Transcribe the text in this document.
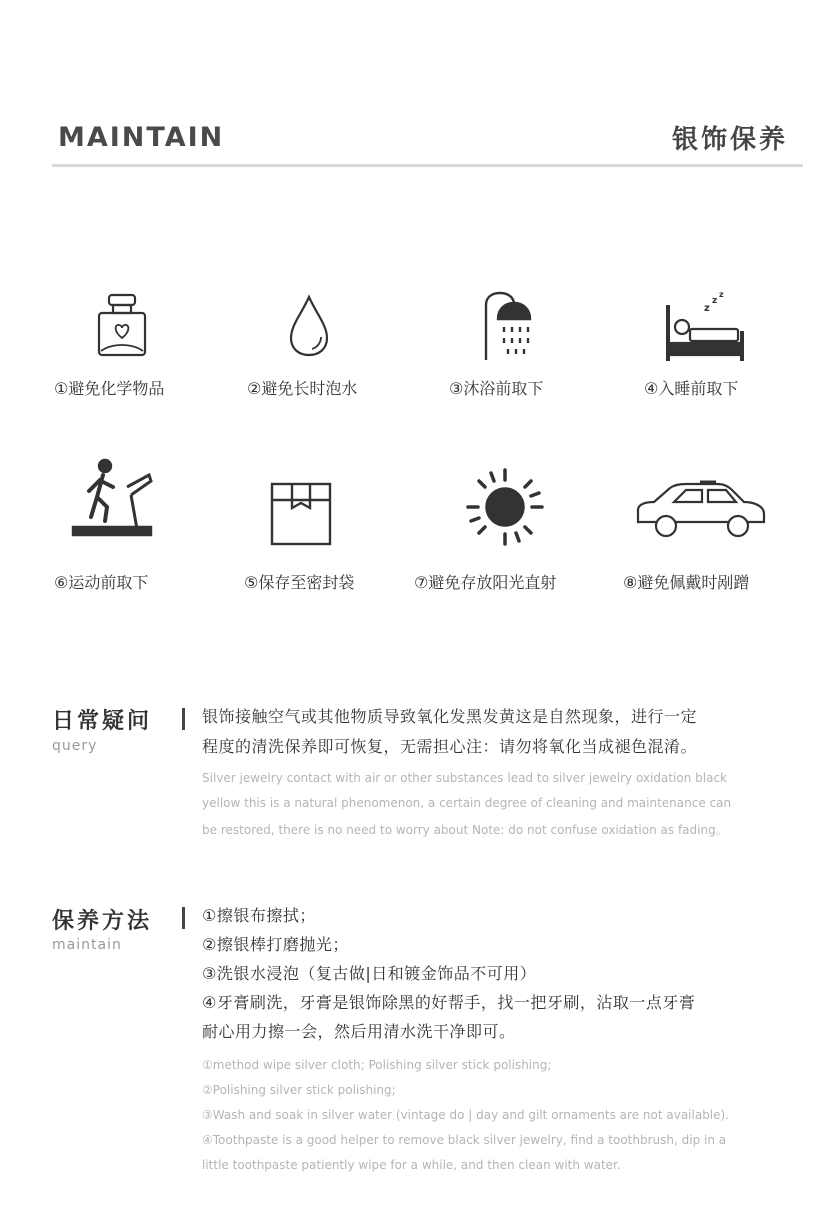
MAINTAIN	银饰保养
z
z
z
①避免化学物品	②避免长时泡水	③沐浴前取下	④入睡前取下
⑥运动前取下	⑤保存至密封袋	⑦避免存放阳光直射	⑧避免佩戴时剐蹭
日常疑问
query
银饰接触空气或其他物质导致氧化发黑发黄这是自然现象，进行一定
程度的清洗保养即可恢复，无需担心注：请勿将氧化当成褪色混淆。
Silver jewelry contact with air or other substances lead to silver jewelry oxidation black
yellow this is a natural phenomenon, a certain degree of cleaning and maintenance can
be restored, there is no need to worry about Note: do not confuse oxidation as fading。
保养方法
maintain
①擦银布擦拭；
②擦银棒打磨抛光；
③洗银水浸泡（复古做|日和镀金饰品不可用）
④牙膏刷洗，牙膏是银饰除黑的好帮手，找一把牙刷，沾取一点牙膏
耐心用力擦一会，然后用清水洗干净即可。
①method wipe silver cloth; Polishing silver stick polishing;
②Polishing silver stick polishing;
③Wash and soak in silver water (vintage do | day and gilt ornaments are not available).
④Toothpaste is a good helper to remove black silver jewelry, find a toothbrush, dip in a
little toothpaste patiently wipe for a while, and then clean with water.
